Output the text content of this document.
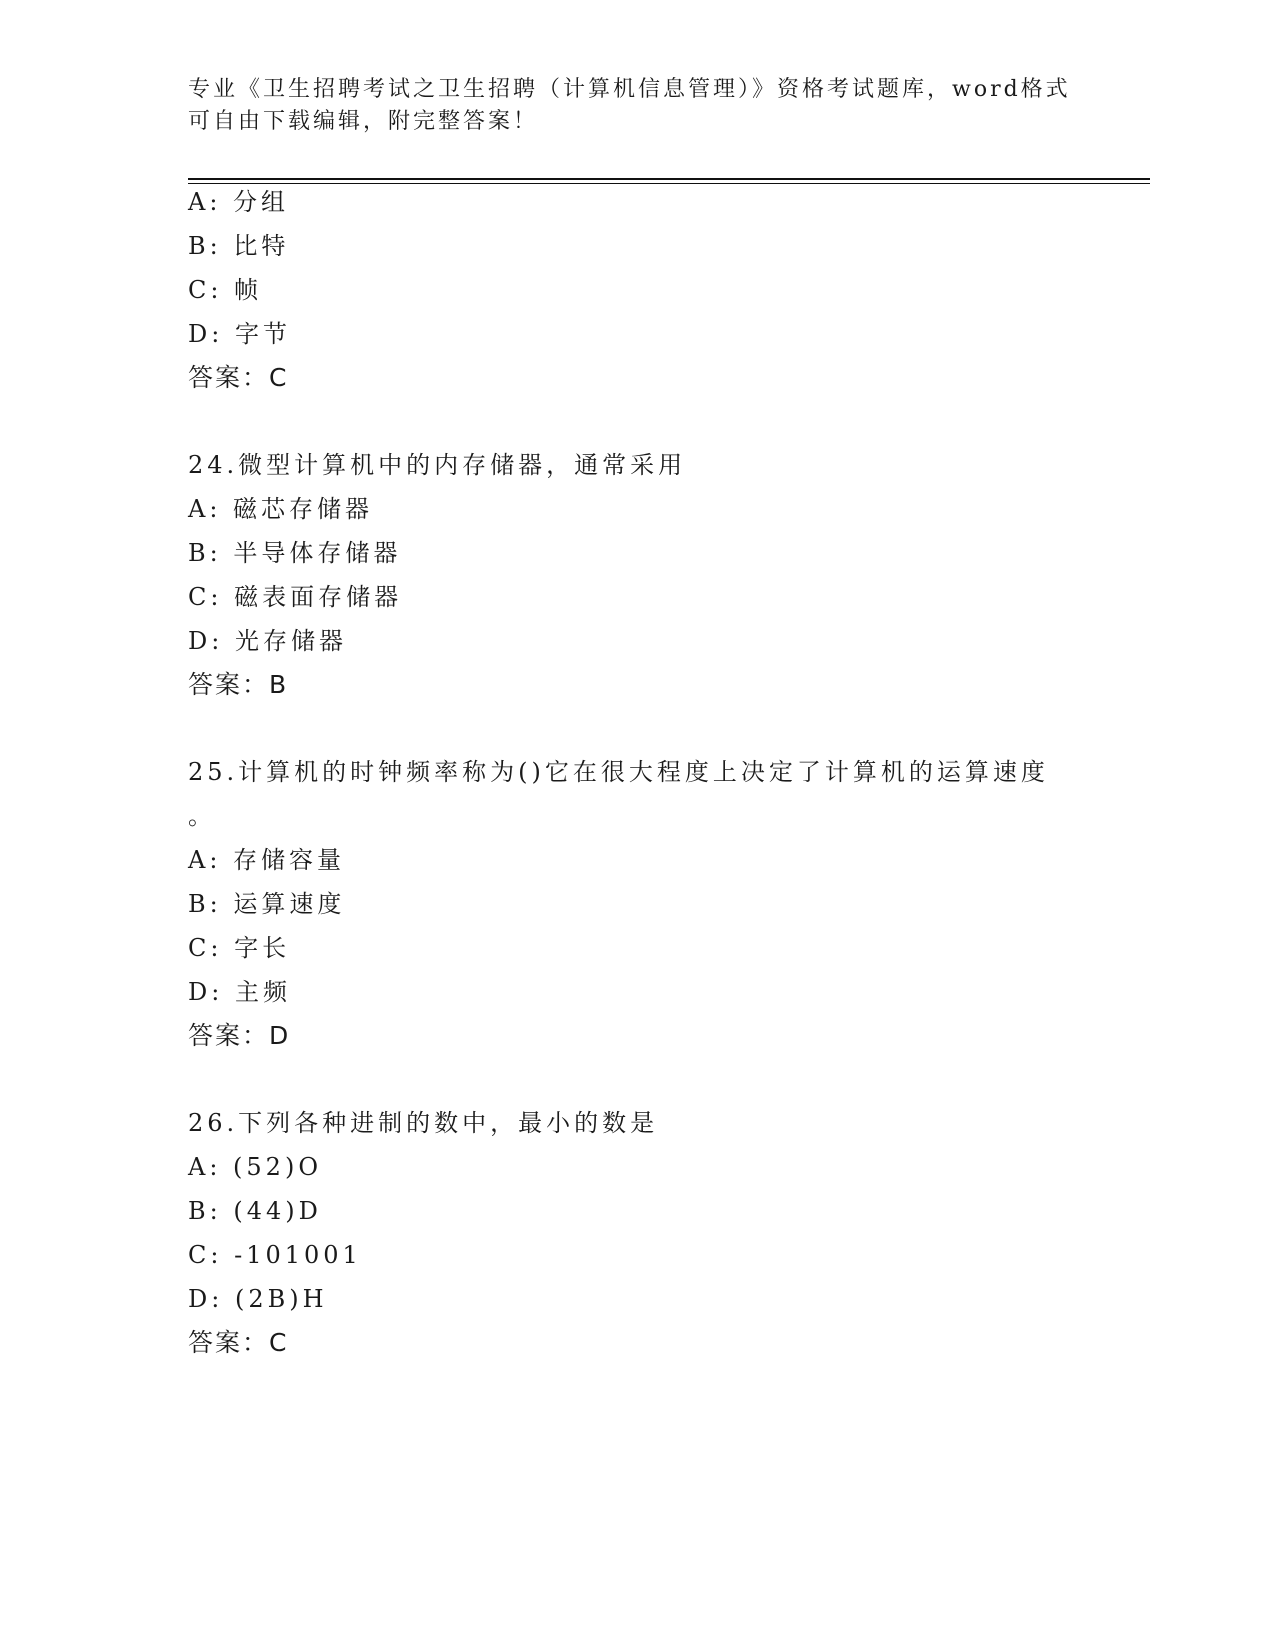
专业《卫生招聘考试之卫生招聘（计算机信息管理）》资格考试题库，word格式
可自由下载编辑，附完整答案！
A: 分组
B: 比特
C: 帧
D: 字节
答案：C
24.微型计算机中的内存储器，通常采用
A: 磁芯存储器
B: 半导体存储器
C: 磁表面存储器
D: 光存储器
答案：B
25.计算机的时钟频率称为()它在很大程度上决定了计算机的运算速度
。
A: 存储容量
B: 运算速度
C: 字长
D: 主频
答案：D
26.下列各种进制的数中，最小的数是
A: (52)O
B: (44)D
C: -101001
D: (2B)H
答案：C
